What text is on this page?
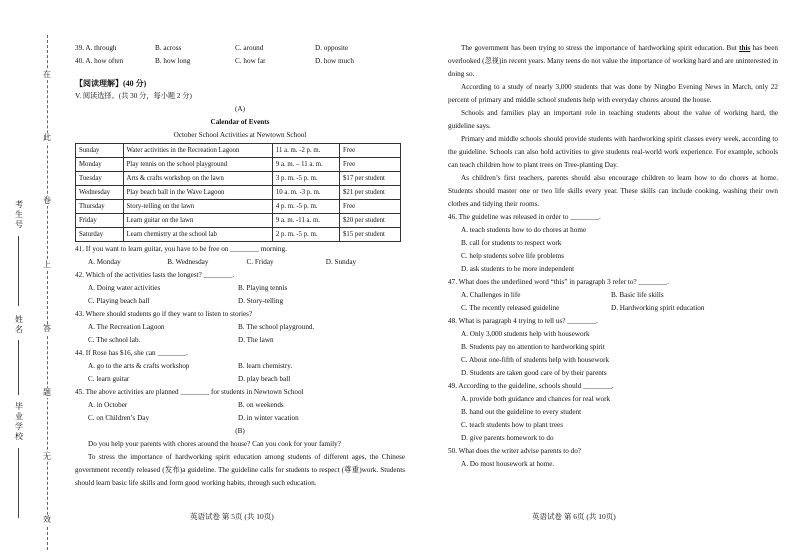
在
此
卷
上
答
题
无
效
考生号
姓名
毕业学校
39. A. through	B. across	C. around	D. opposite
40. A. how often	B. how long	C. how far	D. how much
【阅读理解】(40 分)
V. 阅读选择。(共 30 分，每小题 2 分)
(A)
Calendar of Events
October School Activities at Newtown School
Sunday	Water activities in the Recreation Lagoon	11 a. m. -2 p. m.	Free
Monday	Play tennis on the school playground	9 a. m. – 11 a. m.	Free
Tuesday	Arts & crafts workshop on the lawn	3 p. m. -5 p. m.	$17 per student
Wednesday	Play beach ball in the Wave Lagoon	10 a. m. -3 p. m.	$21 per student
Thursday	Story-telling on the lawn	4 p. m. -5 p. m.	Free
Friday	Learn guitar on the lawn	9 a. m. -11 a. m.	$20 per student
Saturday	Learn chemistry at the school lab	2 p. m. -5 p. m.	$15 per student
41. If you want to learn guitar, you have to be free on ________ morning.
A. Monday	B. Wednesday	C. Friday	D. Sunday
42. Which of the activities lasts the longest? ________.
A. Doing water activities	B. Playing tennis
C. Playing beach ball	D. Story-telling
43. Where should students go if they want to listen to stories?
A. The Recreation Lagoon	B. The school playground.
C. The school lab.	D. The lawn
44. If Rose has $16, she can ________.
A. go to the arts & crafts workshop	B. learn chemistry.
C. learn guitar	D. play beach ball
45. The above activities are planned ________ for students in Newtown School
A. in October	B. on weekends
C. on Children’s Day	D. in winter vacation
(B)

Do you help your parents with chores around the house? Can you cook for your family?

To stress the importance of hardworking spirit education among students of different ages, the Chinese government recently released (发布)a guideline. The guideline calls for students to respect (尊重)work. Students should learn basic life skills and form good working habits, through such education.

英语试卷 第 5页 (共 10页)

The government has been trying to stress the importance of hardworking spirit education. But this has been overlooked (忽视)in recent years. Many teens do not value the importance of working hard and are uninterested in doing so.

According to a study of nearly 3,000 students that was done by Ningbo Evening News in March, only 22 percent of primary and middle school students help with everyday chores around the house.

Schools and families play an important role in teaching students about the value of working hard, the guideline says.

Primary and middle schools should provide students with hardworking spirit classes every week, according to the guideline. Schools can also hold activities to give students real-world work experience. For example, schools can teach children how to plant trees on Tree-planting Day.

As children’s first teachers, parents should also encourage children to learn how to do chores at home. Students should master one or two life skills every year. These skills can include cooking, washing their own clothes and tidying their rooms.

46. The guideline was released in order to ________.
A. teach students how to do chores at home
B. call for students to respect work
C. help students solve life problems
D. ask students to be more independent
47. What does the underlined word “this” in paragraph 3 refer to? ________.
A. Challenges in life	B. Basic life skills
C. The recently released guideline	D. Hardworking spirit education
48. What is paragraph 4 trying to tell us? ________.
A. Only 3,000 students help with housework
B. Students pay no attention to hardworking spirit
C. About one-fifth of students help with housework
D. Students are taken good care of by their parents
49. According to the guideline, schools should ________.
A. provide both guidance and chances for real work
B. hand out the guideline to every student
C. teach students how to plant trees
D. give parents homework to do
50. What does the writer advise parents to do?
A. Do most housework at home.
英语试卷 第 6页 (共 10页)
